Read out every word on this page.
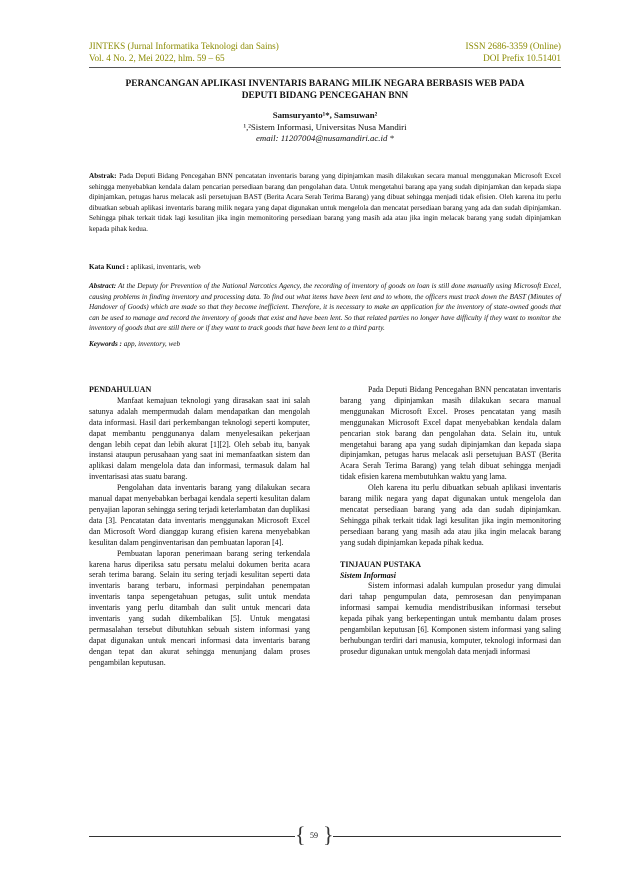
JINTEKS (Jurnal Informatika Teknologi dan Sains)
Vol. 4 No. 2, Mei 2022, hlm. 59 – 65
ISSN 2686-3359 (Online)
DOI Prefix 10.51401
PERANCANGAN APLIKASI INVENTARIS BARANG MILIK NEGARA BERBASIS WEB PADA
DEPUTI BIDANG PENCEGAHAN BNN
Samsuryanto¹*, Samsuwan²
¹,²Sistem Informasi, Universitas Nusa Mandiri
email: 11207004@nusamandiri.ac.id *
Abstrak: Pada Deputi Bidang Pencegahan BNN pencatatan inventaris barang yang dipinjamkan masih dilakukan secara manual menggunakan Microsoft Excel sehingga menyebabkan kendala dalam pencarian persediaan barang dan pengolahan data. Untuk mengetahui barang apa yang sudah dipinjamkan dan kepada siapa dipinjamkan, petugas harus melacak asli persetujuan BAST (Berita Acara Serah Terima Barang) yang dibuat sehingga menjadi tidak efisien. Oleh karena itu perlu dibuatkan sebuah aplikasi inventaris barang milik negara yang dapat digunakan untuk mengelola dan mencatat persediaan barang yang ada dan sudah dipinjamkan. Sehingga pihak terkait tidak lagi kesulitan jika ingin memonitoring persediaan barang yang masih ada atau jika ingin melacak barang yang sudah dipinjamkan kepada pihak kedua.
Kata Kunci : aplikasi, inventaris, web
Abstract: At the Deputy for Prevention of the National Narcotics Agency, the recording of inventory of goods on loan is still done manually using Microsoft Excel, causing problems in finding inventory and processing data. To find out what items have been lent and to whom, the officers must track down the BAST (Minutes of Handover of Goods) which are made so that they become inefficient. Therefore, it is necessary to make an application for the inventory of state-owned goods that can be used to manage and record the inventory of goods that exist and have been lent. So that related parties no longer have difficulty if they want to monitor the inventory of goods that are still there or if they want to track goods that have been lent to a third party.
Keywords : app, inventory, web
PENDAHULUAN

Manfaat kemajuan teknologi yang dirasakan saat ini salah satunya adalah mempermudah dalam mendapatkan dan mengolah data informasi. Hasil dari perkembangan teknologi seperti komputer, dapat membantu penggunanya dalam menyelesaikan pekerjaan dengan lebih cepat dan lebih akurat [1][2]. Oleh sebab itu, banyak instansi ataupun perusahaan yang saat ini memanfaatkan sistem dan aplikasi dalam mengelola data dan informasi, termasuk dalam hal inventarisasi atas suatu barang.

Pengolahan data inventaris barang yang dilakukan secara manual dapat menyebabkan berbagai kendala seperti kesulitan dalam penyajian laporan sehingga sering terjadi keterlambatan dan duplikasi data [3]. Pencatatan data inventaris menggunakan Microsoft Excel dan Microsoft Word dianggap kurang efisien karena menyebabkan kesulitan dalam penginventarisan dan pembuatan laporan [4].

Pembuatan laporan penerimaan barang sering terkendala karena harus diperiksa satu persatu melalui dokumen berita acara serah terima barang. Selain itu sering terjadi kesulitan seperti data inventaris barang terbaru, informasi perpindahan penempatan inventaris tanpa sepengetahuan petugas, sulit untuk mendata inventaris yang perlu ditambah dan sulit untuk mencari data inventaris yang sudah dikembalikan [5]. Untuk mengatasi permasalahan tersebut dibutuhkan sebuah sistem informasi yang dapat digunakan untuk mencari informasi data inventaris barang dengan tepat dan akurat sehingga menunjang dalam proses pengambilan keputusan.

Pada Deputi Bidang Pencegahan BNN pencatatan inventaris barang yang dipinjamkan masih dilakukan secara manual menggunakan Microsoft Excel. Proses pencatatan yang masih menggunakan Microsoft Excel dapat menyebabkan kendala dalam pencarian stok barang dan pengolahan data. Selain itu, untuk mengetahui barang apa yang sudah dipinjamkan dan kepada siapa dipinjamkan, petugas harus melacak asli persetujuan BAST (Berita Acara Serah Terima Barang) yang telah dibuat sehingga menjadi tidak efisien karena membutuhkan waktu yang lama.

Oleh karena itu perlu dibuatkan sebuah aplikasi inventaris barang milik negara yang dapat digunakan untuk mengelola dan mencatat persediaan barang yang ada dan sudah dipinjamkan. Sehingga pihak terkait tidak lagi kesulitan jika ingin memonitoring persediaan barang yang masih ada atau jika ingin melacak barang yang sudah dipinjamkan kepada pihak kedua.

TINJAUAN PUSTAKA
Sistem Informasi

Sistem informasi adalah kumpulan prosedur yang dimulai dari tahap pengumpulan data, pemrosesan dan penyimpanan informasi sampai kemudia mendistribusikan informasi tersebut kepada pihak yang berkepentingan untuk membantu dalam proses pengambilan keputusan [6]. Komponen sistem informasi yang saling berhubungan terdiri dari manusia, komputer, teknologi informasi dan prosedur digunakan untuk mengolah data menjadi informasi

{ }
59
